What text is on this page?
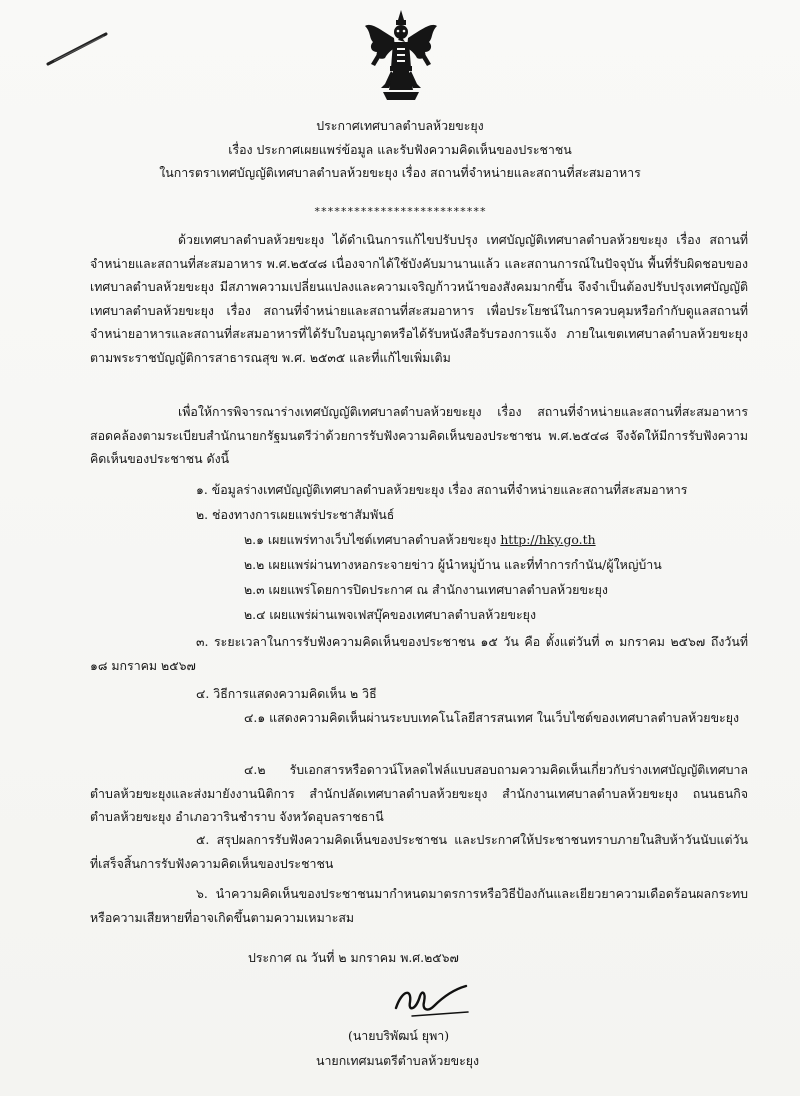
ประกาศเทศบาลตำบลห้วยขะยุง
เรื่อง ประกาศเผยแพร่ข้อมูล และรับฟังความคิดเห็นของประชาชน
ในการตราเทศบัญญัติเทศบาลตำบลห้วยขะยุง เรื่อง สถานที่จำหน่ายและสถานที่สะสมอาหาร
**************************
ด้วยเทศบาลตำบลห้วยขะยุง ได้ดำเนินการแก้ไขปรับปรุง เทศบัญญัติเทศบาลตำบลห้วยขะยุง เรื่อง สถานที่จำหน่ายและสถานที่สะสมอาหาร พ.ศ.๒๕๔๘ เนื่องจากได้ใช้บังคับมานานแล้ว และสถานการณ์ในปัจจุบัน พื้นที่รับผิดชอบของเทศบาลตำบลห้วยขะยุง มีสภาพความเปลี่ยนแปลงและความเจริญก้าวหน้าของสังคมมากขึ้น จึงจำเป็นต้องปรับปรุงเทศบัญญัติเทศบาลตำบลห้วยขะยุง เรื่อง สถานที่จำหน่ายและสถานที่สะสมอาหาร เพื่อประโยชน์ในการควบคุมหรือกำกับดูแลสถานที่จำหน่ายอาหารและสถานที่สะสมอาหารที่ได้รับใบอนุญาตหรือได้รับหนังสือรับรองการแจ้ง ภายในเขตเทศบาลตำบลห้วยขะยุง ตามพระราชบัญญัติการสาธารณสุข พ.ศ. ๒๕๓๕ และที่แก้ไขเพิ่มเติม
เพื่อให้การพิจารณาร่างเทศบัญญัติเทศบาลตำบลห้วยขะยุง เรื่อง สถานที่จำหน่ายและสถานที่สะสมอาหาร สอดคล้องตามระเบียบสำนักนายกรัฐมนตรีว่าด้วยการรับฟังความคิดเห็นของประชาชน พ.ศ.๒๕๔๘ จึงจัดให้มีการรับฟังความคิดเห็นของประชาชน ดังนี้
๑. ข้อมูลร่างเทศบัญญัติเทศบาลตำบลห้วยขะยุง เรื่อง สถานที่จำหน่ายและสถานที่สะสมอาหาร
๒. ช่องทางการเผยแพร่ประชาสัมพันธ์
๒.๑ เผยแพร่ทางเว็บไซต์เทศบาลตำบลห้วยขะยุง http://hky.go.th
๒.๒ เผยแพร่ผ่านทางหอกระจายข่าว ผู้นำหมู่บ้าน และที่ทำการกำนัน/ผู้ใหญ่บ้าน
๒.๓ เผยแพร่โดยการปิดประกาศ ณ สำนักงานเทศบาลตำบลห้วยขะยุง
๒.๔ เผยแพร่ผ่านเพจเฟสบุ๊คของเทศบาลตำบลห้วยขะยุง
๓. ระยะเวลาในการรับฟังความคิดเห็นของประชาชน ๑๕ วัน คือ ตั้งแต่วันที่ ๓ มกราคม ๒๕๖๗ ถึงวันที่ ๑๘ มกราคม ๒๕๖๗
๔. วิธีการแสดงความคิดเห็น ๒ วิธี
๔.๑ แสดงความคิดเห็นผ่านระบบเทคโนโลยีสารสนเทศ ในเว็บไซต์ของเทศบาลตำบลห้วยขะยุง
๔.๒ รับเอกสารหรือดาวน์โหลดไฟล์แบบสอบถามความคิดเห็นเกี่ยวกับร่างเทศบัญญัติเทศบาลตำบลห้วยขะยุงและส่งมายังงานนิติการ สำนักปลัดเทศบาลตำบลห้วยขะยุง สำนักงานเทศบาลตำบลห้วยขะยุง ถนนธนกิจ ตำบลห้วยขะยุง อำเภอวารินชำราบ จังหวัดอุบลราชธานี
๕. สรุปผลการรับฟังความคิดเห็นของประชาชน และประกาศให้ประชาชนทราบภายในสิบห้าวันนับแต่วันที่เสร็จสิ้นการรับฟังความคิดเห็นของประชาชน
๖. นำความคิดเห็นของประชาชนมากำหนดมาตรการหรือวิธีป้องกันและเยียวยาความเดือดร้อนผลกระทบ หรือความเสียหายที่อาจเกิดขึ้นตามความเหมาะสม
ประกาศ ณ วันที่ ๒ มกราคม พ.ศ.๒๕๖๗
(นายบริพัฒน์ ยุพา)
นายกเทศมนตรีตำบลห้วยขะยุง
